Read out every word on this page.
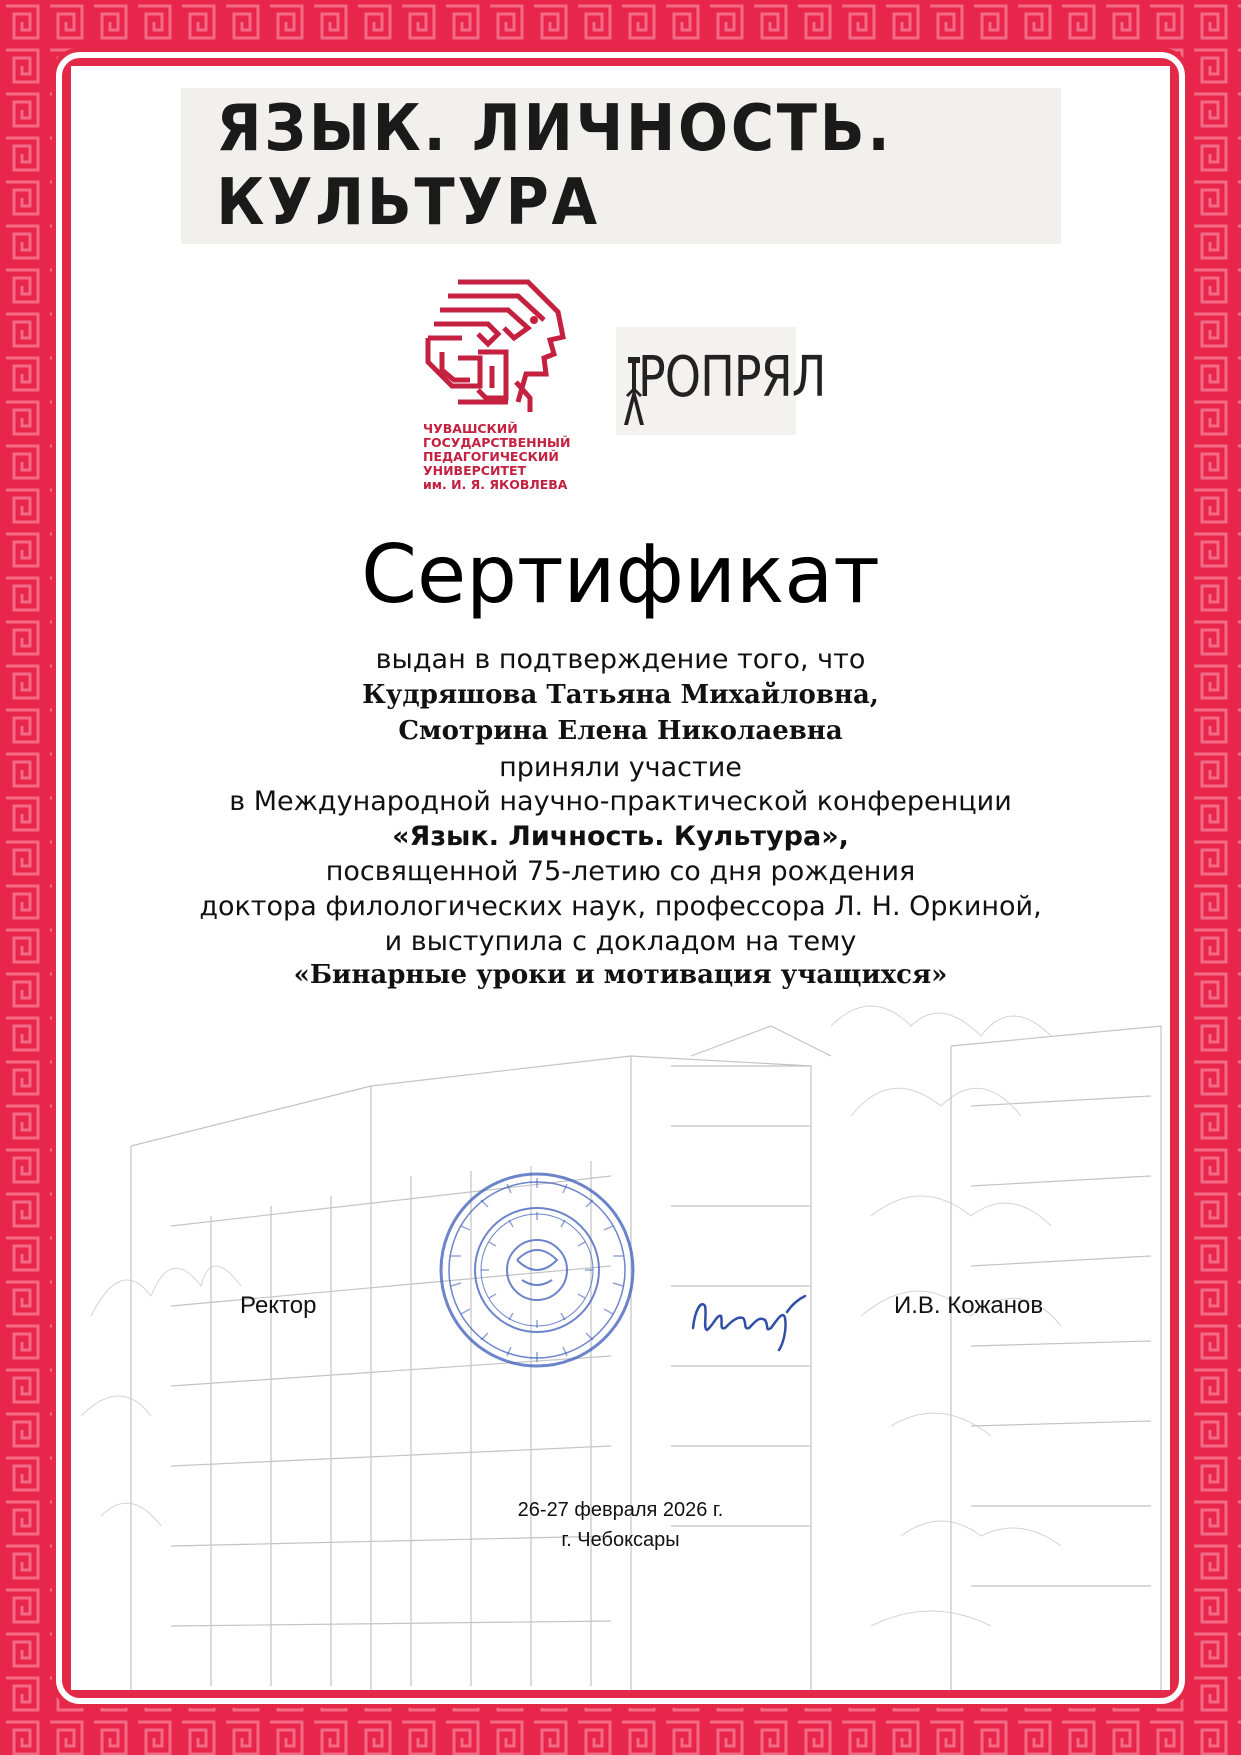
ЯЗЫК. ЛИЧНОСТЬ. КУЛЬТУРА
ЧУВАШСКИЙ
ГОСУДАРСТВЕННЫЙ
ПЕДАГОГИЧЕСКИЙ
УНИВЕРСИТЕТ
им. И. Я. ЯКОВЛЕВА
РОПРЯЛ
Сертификат
выдан в подтверждение того, что
Кудряшова Татьяна Михайловна,
Смотрина Елена Николаевна
приняли участие
в Международной научно-практической конференции
«Язык. Личность. Культура»,
посвященной 75-летию со дня рождения
доктора филологических наук, профессора Л. Н. Оркиной,
и выступила с докладом на тему
«Бинарные уроки и мотивация учащихся»
Ректор	И.В. Кожанов
26-27 февраля 2026 г.
г. Чебоксары
